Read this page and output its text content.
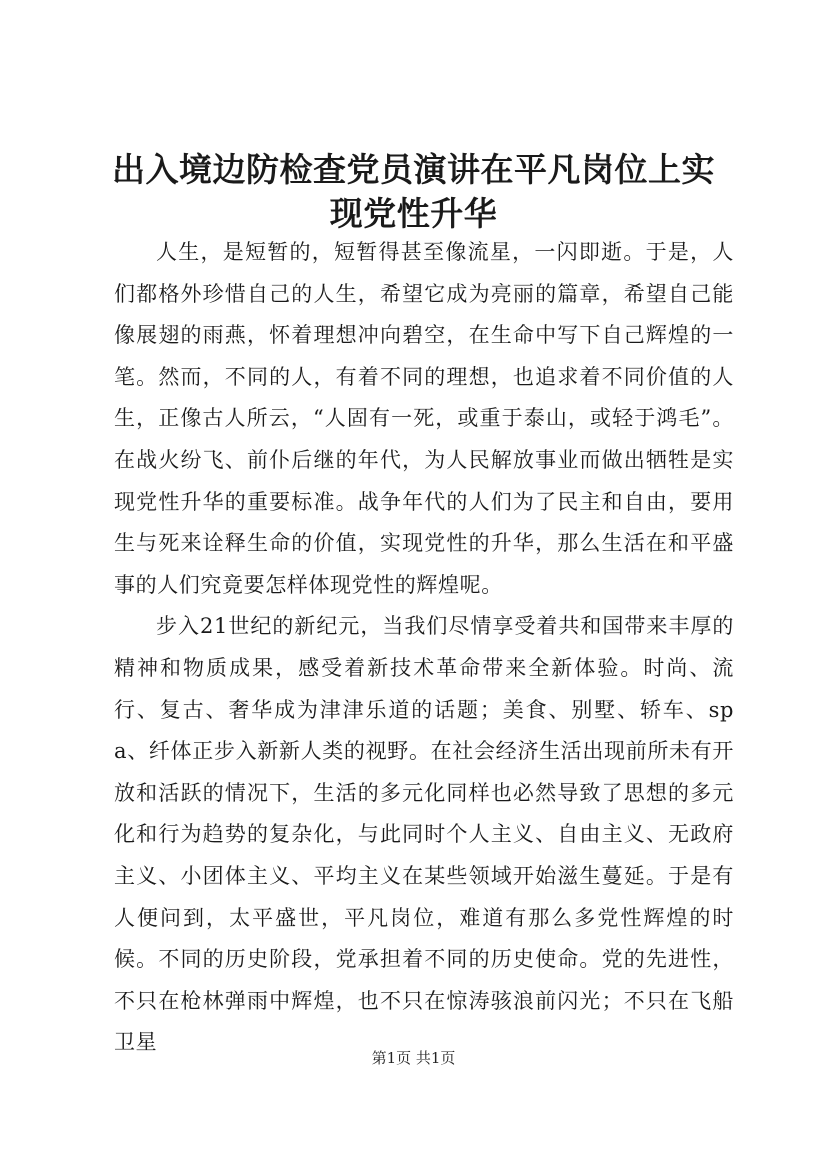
出入境边防检查党员演讲在平凡岗位上实现党性升华

人生，是短暂的，短暂得甚至像流星，一闪即逝。于是，人们都格外珍惜自己的人生，希望它成为亮丽的篇章，希望自己能像展翅的雨燕，怀着理想冲向碧空，在生命中写下自己辉煌的一笔。然而，不同的人，有着不同的理想，也追求着不同价值的人生，正像古人所云，“人固有一死，或重于泰山，或轻于鸿毛”。在战火纷飞、前仆后继的年代，为人民解放事业而做出牺牲是实现党性升华的重要标准。战争年代的人们为了民主和自由，要用生与死来诠释生命的价值，实现党性的升华，那么生活在和平盛事的人们究竟要怎样体现党性的辉煌呢。

步入21世纪的新纪元，当我们尽情享受着共和国带来丰厚的精神和物质成果，感受着新技术革命带来全新体验。时尚、流行、复古、奢华成为津津乐道的话题；美食、别墅、轿车、spa、纤体正步入新新人类的视野。在社会经济生活出现前所未有开放和活跃的情况下，生活的多元化同样也必然导致了思想的多元化和行为趋势的复杂化，与此同时个人主义、自由主义、无政府主义、小团体主义、平均主义在某些领域开始滋生蔓延。于是有人便问到，太平盛世，平凡岗位，难道有那么多党性辉煌的时候。不同的历史阶段，党承担着不同的历史使命。党的先进性，不只在枪林弹雨中辉煌，也不只在惊涛骇浪前闪光；不只在飞船卫星

第1页 共1页
